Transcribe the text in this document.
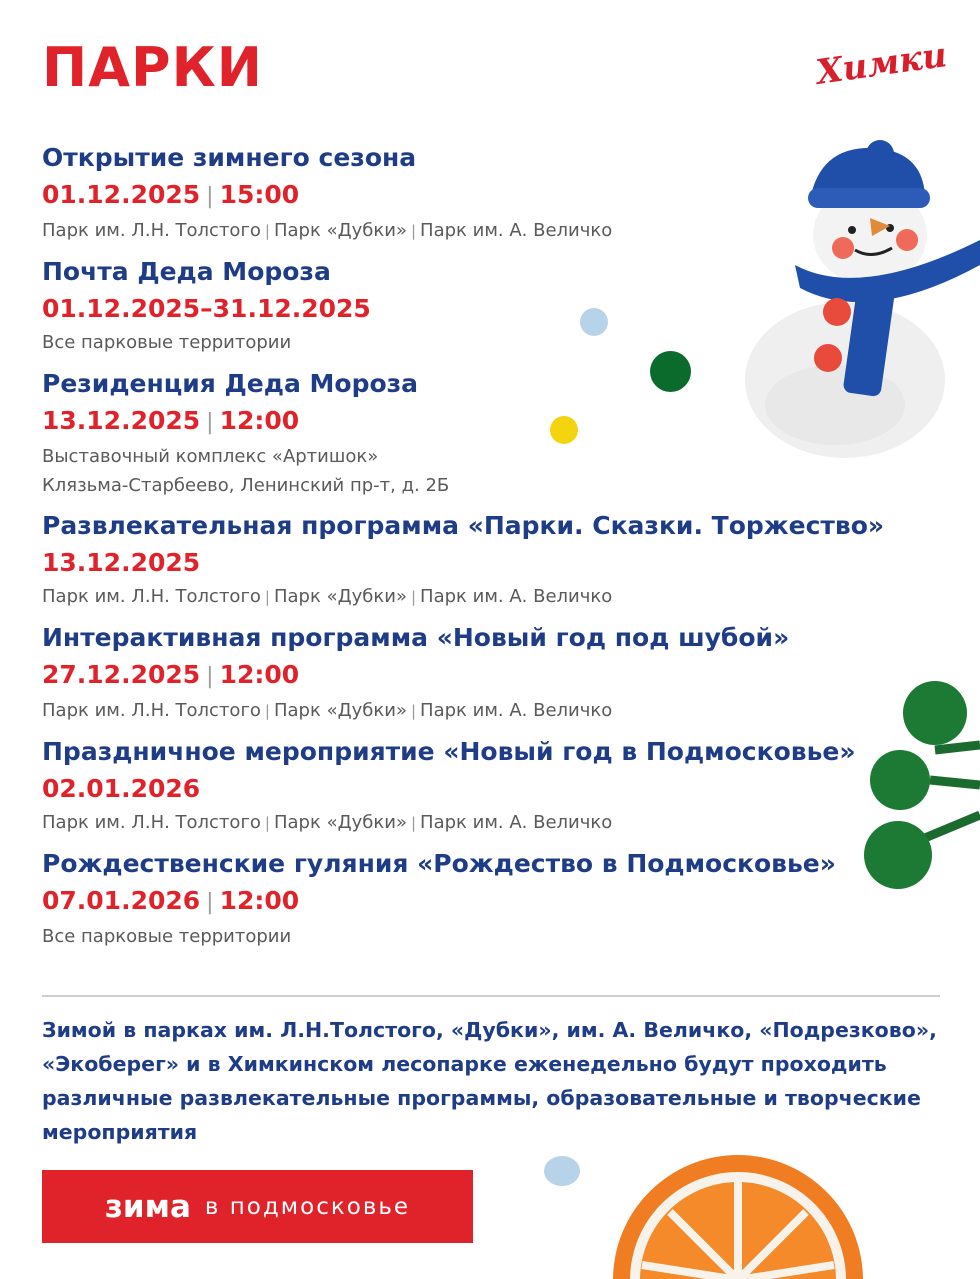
ПАРКИ	Химки
Открытие зимнего сезона
01.12.2025 | 15:00
Парк им. Л.Н. Толстого | Парк «Дубки» | Парк им. А. Величко
Почта Деда Мороза
01.12.2025–31.12.2025
Все парковые территории
Резиденция Деда Мороза
13.12.2025 | 12:00
Выставочный комплекс «Артишок»
Клязьма-Старбеево, Ленинский пр-т, д. 2Б
Развлекательная программа «Парки. Сказки. Торжество»
13.12.2025
Парк им. Л.Н. Толстого | Парк «Дубки» | Парк им. А. Величко
Интерактивная программа «Новый год под шубой»
27.12.2025 | 12:00
Парк им. Л.Н. Толстого | Парк «Дубки» | Парк им. А. Величко
Праздничное мероприятие «Новый год в Подмосковье»
02.01.2026
Парк им. Л.Н. Толстого | Парк «Дубки» | Парк им. А. Величко
Рождественские гуляния «Рождество в Подмосковье»
07.01.2026 | 12:00
Все парковые территории
Зимой в парках им. Л.Н.Толстого, «Дубки», им. А. Величко, «Подрезково», «Экоберег» и в Химкинском лесопарке еженедельно будут проходить различные развлекательные программы, образовательные и творческие мероприятия
зима в подмосковье
